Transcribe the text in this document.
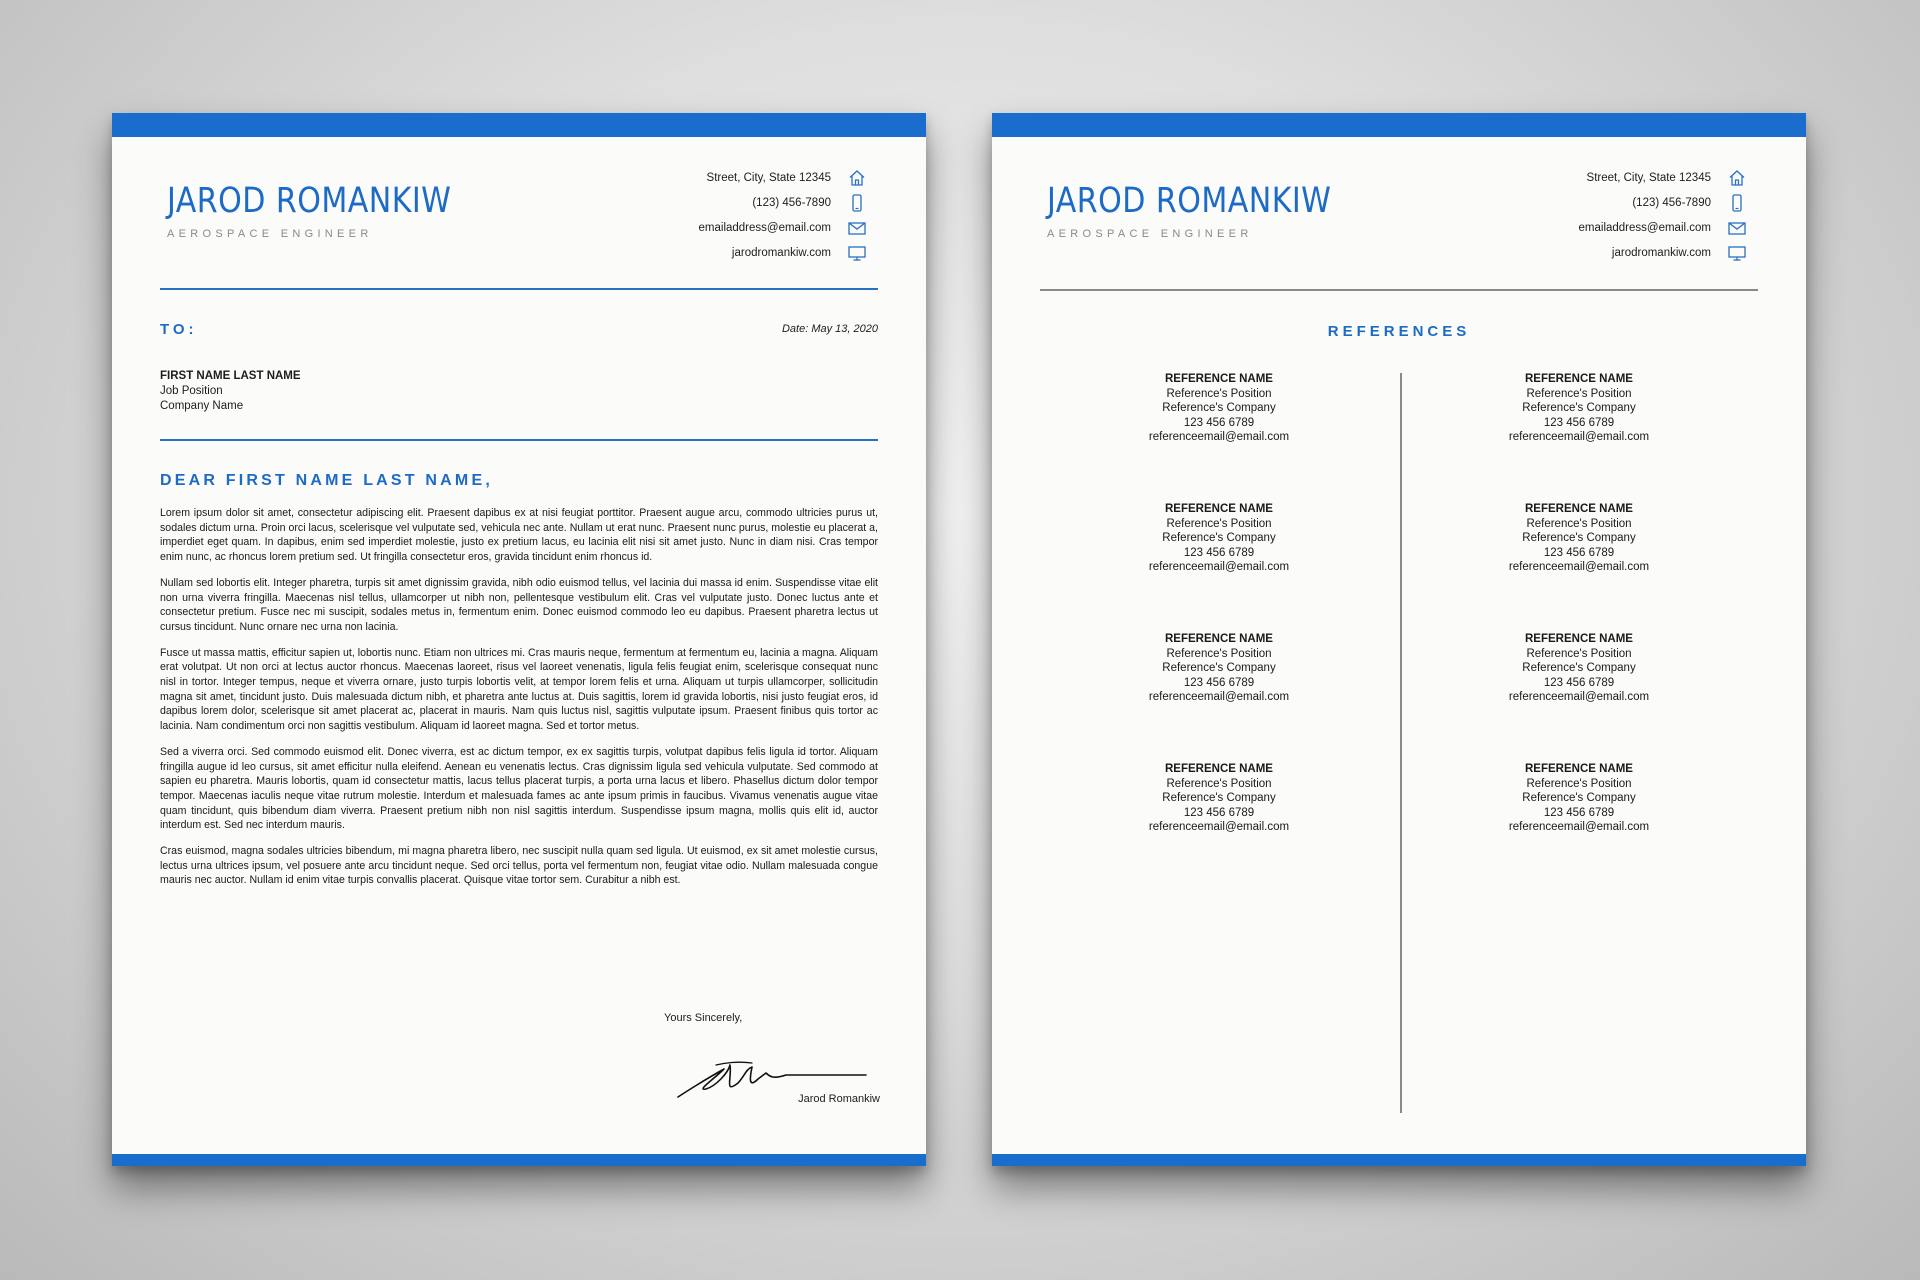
JAROD ROMANKIW
AEROSPACE ENGINEER
Street, City, State 12345
(123) 456-7890
emailaddress@email.com
jarodromankiw.com
TO:	Date: May 13, 2020
FIRST NAME LAST NAME
Job Position
Company Name
DEAR FIRST NAME LAST NAME,

Lorem ipsum dolor sit amet, consectetur adipiscing elit. Praesent dapibus ex at nisi feugiat porttitor. Praesent augue arcu, commodo ultricies purus ut, sodales dictum urna. Proin orci lacus, scelerisque vel vulputate sed, vehicula nec ante. Nullam ut erat nunc. Praesent nunc purus, molestie eu placerat a, imperdiet eget quam. In dapibus, enim sed imperdiet molestie, justo ex pretium lacus, eu lacinia elit nisi sit amet justo. Nunc in diam nisi. Cras tempor enim nunc, ac rhoncus lorem pretium sed. Ut fringilla consectetur eros, gravida tincidunt enim rhoncus id.

Nullam sed lobortis elit. Integer pharetra, turpis sit amet dignissim gravida, nibh odio euismod tellus, vel lacinia dui massa id enim. Suspendisse vitae elit non urna viverra fringilla. Maecenas nisl tellus, ullamcorper ut nibh non, pellentesque vestibulum elit. Cras vel vulputate justo. Donec luctus ante et consectetur pretium. Fusce nec mi suscipit, sodales metus in, fermentum enim. Donec euismod commodo leo eu dapibus. Praesent pharetra lectus ut cursus tincidunt. Nunc ornare nec urna non lacinia.

Fusce ut massa mattis, efficitur sapien ut, lobortis nunc. Etiam non ultrices mi. Cras mauris neque, fermentum at fermentum eu, lacinia a magna. Aliquam erat volutpat. Ut non orci at lectus auctor rhoncus. Maecenas laoreet, risus vel laoreet venenatis, ligula felis feugiat enim, scelerisque consequat nunc nisl in tortor. Integer tempus, neque et viverra ornare, justo turpis lobortis velit, at tempor lorem felis et urna. Aliquam ut turpis ullamcorper, sollicitudin magna sit amet, tincidunt justo. Duis malesuada dictum nibh, et pharetra ante luctus at. Duis sagittis, lorem id gravida lobortis, nisi justo feugiat eros, id dapibus lorem dolor, scelerisque sit amet placerat ac, placerat in mauris. Nam quis luctus nisl, sagittis vulputate ipsum. Praesent finibus quis tortor ac lacinia. Nam condimentum orci non sagittis vestibulum. Aliquam id laoreet magna. Sed et tortor metus.

Sed a viverra orci. Sed commodo euismod elit. Donec viverra, est ac dictum tempor, ex ex sagittis turpis, volutpat dapibus felis ligula id tortor. Aliquam fringilla augue id leo cursus, sit amet efficitur nulla eleifend. Aenean eu venenatis lectus. Cras dignissim ligula sed vehicula vulputate. Sed commodo at sapien eu pharetra. Mauris lobortis, quam id consectetur mattis, lacus tellus placerat turpis, a porta urna lacus et libero. Phasellus dictum dolor tempor tempor. Maecenas iaculis neque vitae rutrum molestie. Interdum et malesuada fames ac ante ipsum primis in faucibus. Vivamus venenatis augue vitae quam tincidunt, quis bibendum diam viverra. Praesent pretium nibh non nisl sagittis interdum. Suspendisse ipsum magna, mollis quis elit id, auctor interdum est. Sed nec interdum mauris.

Cras euismod, magna sodales ultricies bibendum, mi magna pharetra libero, nec suscipit nulla quam sed ligula. Ut euismod, ex sit amet molestie cursus, lectus urna ultrices ipsum, vel posuere ante arcu tincidunt neque. Sed orci tellus, porta vel fermentum non, feugiat vitae odio. Nullam malesuada congue mauris nec auctor. Nullam id enim vitae turpis convallis placerat. Quisque vitae tortor sem. Curabitur a nibh est.

Yours Sincerely,
Jarod Romankiw
JAROD ROMANKIW
AEROSPACE ENGINEER
Street, City, State 12345
(123) 456-7890
emailaddress@email.com
jarodromankiw.com
REFERENCES
REFERENCE NAME
Reference's Position
Reference's Company
123 456 6789
referenceemail@email.com
REFERENCE NAME
Reference's Position
Reference's Company
123 456 6789
referenceemail@email.com
REFERENCE NAME
Reference's Position
Reference's Company
123 456 6789
referenceemail@email.com
REFERENCE NAME
Reference's Position
Reference's Company
123 456 6789
referenceemail@email.com
REFERENCE NAME
Reference's Position
Reference's Company
123 456 6789
referenceemail@email.com
REFERENCE NAME
Reference's Position
Reference's Company
123 456 6789
referenceemail@email.com
REFERENCE NAME
Reference's Position
Reference's Company
123 456 6789
referenceemail@email.com
REFERENCE NAME
Reference's Position
Reference's Company
123 456 6789
referenceemail@email.com
